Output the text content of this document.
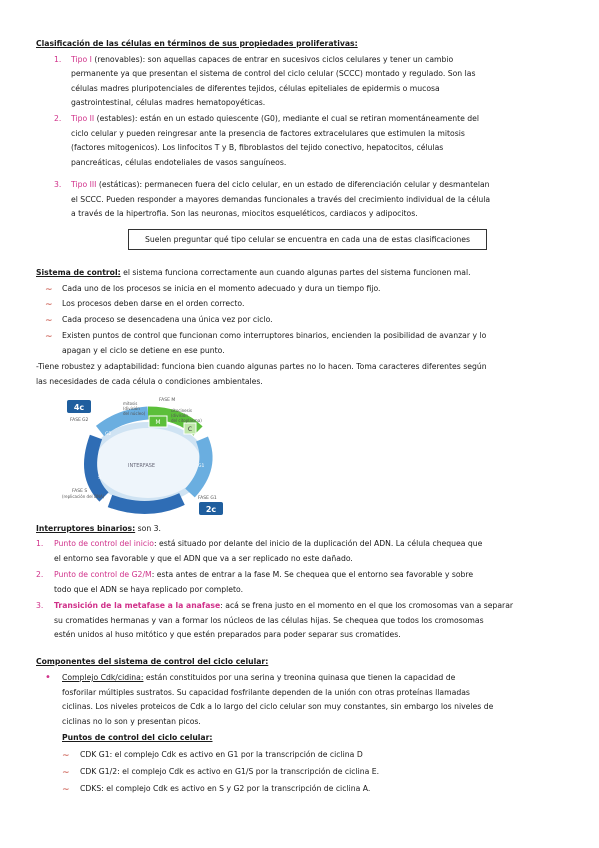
Clasificación de las células en términos de sus propiedades proliferativas:
1. Tipo I (renovables): son aquellas capaces de entrar en sucesivos ciclos celulares y tener un cambio
permanente ya que presentan el sistema de control del ciclo celular (SCCC) montado y regulado. Son las
células madres pluripotenciales de diferentes tejidos, células epiteliales de epidermis o mucosa
gastrointestinal, células madres hematopoyéticas.
2. Tipo II (estables): están en un estado quiescente (G0), mediante el cual se retiran momentáneamente del
ciclo celular y pueden reingresar ante la presencia de factores extracelulares que estimulen la mitosis
(factores mitogenicos). Los linfocitos T y B, fibroblastos del tejido conectivo, hepatocitos, células
pancreáticas, células endoteliales de vasos sanguíneos.
3. Tipo III (estáticas): permanecen fuera del ciclo celular, en un estado de diferenciación celular y desmantelan
el SCCC. Pueden responder a mayores demandas funcionales a través del crecimiento individual de la célula
a través de la hipertrofia. Son las neuronas, miocitos esqueléticos, cardiacos y adipocitos.
Suelen preguntar qué tipo celular se encuentra en cada una de estas clasificaciones
Sistema de control: el sistema funciona correctamente aun cuando algunas partes del sistema funcionen mal.
~ Cada uno de los procesos se inicia en el momento adecuado y dura un tiempo fijo.
~ Los procesos deben darse en el orden correcto.
~ Cada proceso se desencadena una única vez por ciclo.
~ Existen puntos de control que funcionan como interruptores binarios, encienden la posibilidad de avanzar y lo
apagan y el ciclo se detiene en ese punto.
-Tiene robustez y adaptabilidad: funciona bien cuando algunas partes no lo hacen. Toma caracteres diferentes según
las necesidades de cada célula o condiciones ambientales.
M
C
FASE M
mitosis
(división
del núcleo)
citocinesis
(división
del citoplasma)
FASE G2
INTERFASE
FASE G1
FASE S
(replicación del DNA)
G2
G1
S
4c
2c
Interruptores binarios: son 3.
1. Punto de control del inicio: está situado por delante del inicio de la duplicación del ADN. La célula chequea que
el entorno sea favorable y que el ADN que va a ser replicado no este dañado.
2. Punto de control de G2/M: esta antes de entrar a la fase M. Se chequea que el entorno sea favorable y sobre
todo que el ADN se haya replicado por completo.
3. Transición de la metafase a la anafase: acá se frena justo en el momento en el que los cromosomas van a separar
su cromatides hermanas y van a formar los núcleos de las células hijas. Se chequea que todos los cromosomas
estén unidos al huso mitótico y que estén preparados para poder separar sus cromatides.
Componentes del sistema de control del ciclo celular:
• Complejo Cdk/cidina: están constituidos por una serina y treonina quinasa que tienen la capacidad de
fosforilar múltiples sustratos. Su capacidad fosfrilante dependen de la unión con otras proteínas llamadas
ciclinas. Los niveles proteicos de Cdk a lo largo del ciclo celular son muy constantes, sin embargo los niveles de
ciclinas no lo son y presentan picos.
Puntos de control del ciclo celular:
~ CDK G1: el complejo Cdk es activo en G1 por la transcripción de ciclina D
~ CDK G1/2: el complejo Cdk es activo en G1/S por la transcripción de ciclina E.
~ CDKS: el complejo Cdk es activo en S y G2 por la transcripción de ciclina A.
